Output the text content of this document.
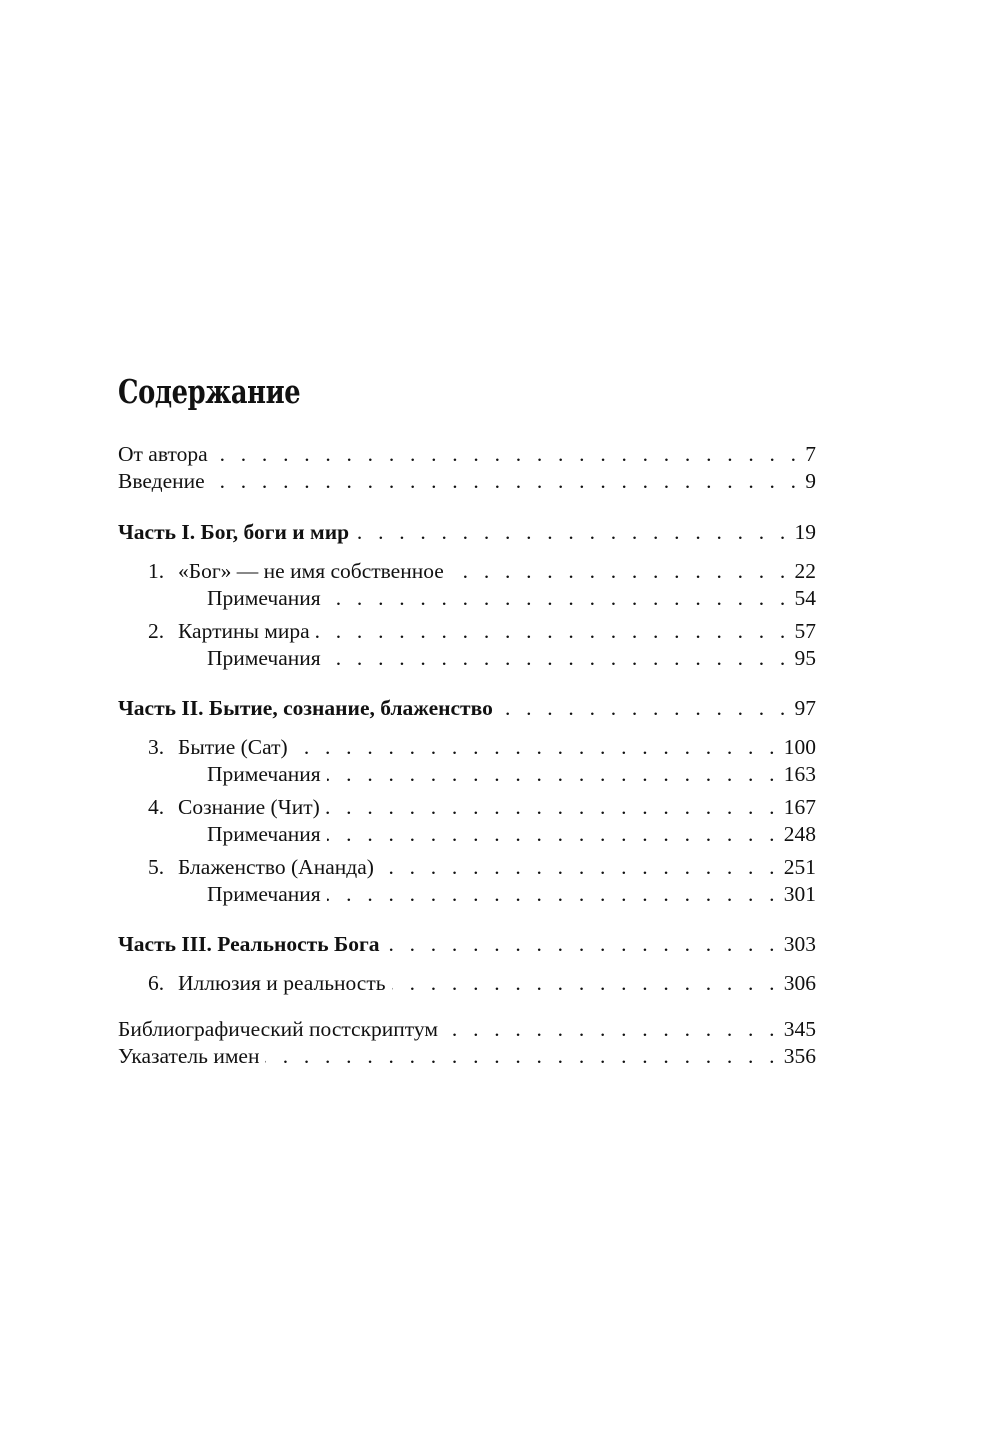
Содержание
От автора . . .	7
Введение . . .	9
Часть I. Бог, боги и мир . . .	19
1. «Бог» — не имя собственное . . .	22
Примечания . . .	54
2. Картины мира . . .	57
Примечания . . .	95
Часть II. Бытие, сознание, блаженство . . .	97
3. Бытие (Сат) . . .	100
Примечания . . .	163
4. Сознание (Чит) . . .	167
Примечания . . .	248
5. Блаженство (Ананда) . . .	251
Примечания . . .	301
Часть III. Реальность Бога . . .	303
6. Иллюзия и реальность . . .	306
Библиографический постскриптум . . .	345
Указатель имен . . .	356
